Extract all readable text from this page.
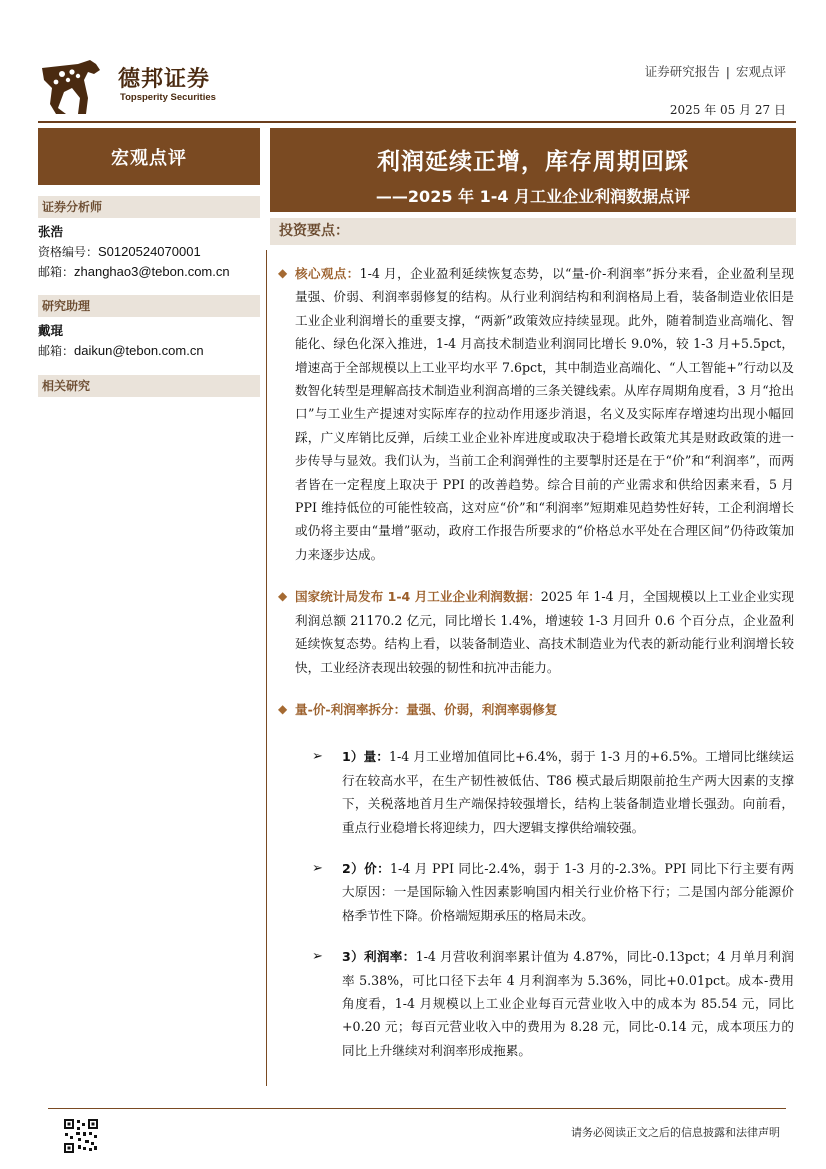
德邦证券
Topsperity Securities
证券研究报告 | 宏观点评
2025 年 05 月 27 日
宏观点评
证券分析师
张浩
资格编号：S0120524070001
邮箱：zhanghao3@tebon.com.cn
研究助理
戴琨
邮箱：daikun@tebon.com.cn
相关研究
利润延续正增，库存周期回踩
——2025 年 1-4 月工业企业利润数据点评
投资要点：
◆ 核心观点：1-4 月，企业盈利延续恢复态势，以“量-价-利润率”拆分来看，企业盈利呈现量强、价弱、利润率弱修复的结构。从行业利润结构和利润格局上看，装备制造业依旧是工业企业利润增长的重要支撑，“两新”政策效应持续显现。此外，随着制造业高端化、智能化、绿色化深入推进，1-4 月高技术制造业利润同比增长 9.0%，较 1-3 月+5.5pct，增速高于全部规模以上工业平均水平 7.6pct，其中制造业高端化、“人工智能+”行动以及数智化转型是理解高技术制造业利润高增的三条关键线索。从库存周期角度看，3 月“抢出口”与工业生产提速对实际库存的拉动作用逐步消退，名义及实际库存增速均出现小幅回踩，广义库销比反弹，后续工业企业补库进度或取决于稳增长政策尤其是财政政策的进一步传导与显效。我们认为，当前工企利润弹性的主要掣肘还是在于“价”和“利润率”，而两者皆在一定程度上取决于 PPI 的改善趋势。综合目前的产业需求和供给因素来看，5 月 PPI 维持低位的可能性较高，这对应“价”和“利润率”短期难见趋势性好转，工企利润增长或仍将主要由“量增”驱动，政府工作报告所要求的“价格总水平处在合理区间”仍待政策加力来逐步达成。
◆ 国家统计局发布 1-4 月工业企业利润数据：2025 年 1-4 月，全国规模以上工业企业实现利润总额 21170.2 亿元，同比增长 1.4%，增速较 1-3 月回升 0.6 个百分点，企业盈利延续恢复态势。结构上看，以装备制造业、高技术制造业为代表的新动能行业利润增长较快，工业经济表现出较强的韧性和抗冲击能力。
◆ 量-价-利润率拆分：量强、价弱，利润率弱修复
➢ 1）量：1-4 月工业增加值同比+6.4%，弱于 1-3 月的+6.5%。工增同比继续运行在较高水平，在生产韧性被低估、T86 模式最后期限前抢生产两大因素的支撑下，关税落地首月生产端保持较强增长，结构上装备制造业增长强劲。向前看，重点行业稳增长将迎续力，四大逻辑支撑供给端较强。
➢ 2）价：1-4 月 PPI 同比-2.4%，弱于 1-3 月的-2.3%。PPI 同比下行主要有两大原因：一是国际输入性因素影响国内相关行业价格下行；二是国内部分能源价格季节性下降。价格端短期承压的格局未改。
➢ 3）利润率：1-4 月营收利润率累计值为 4.87%，同比-0.13pct；4 月单月利润率 5.38%，可比口径下去年 4 月利润率为 5.36%，同比+0.01pct。成本-费用角度看，1-4 月规模以上工业企业每百元营业收入中的成本为 85.54 元，同比+0.20 元；每百元营业收入中的费用为 8.28 元，同比-0.14 元，成本项压力的同比上升继续对利润率形成拖累。
请务必阅读正文之后的信息披露和法律声明
